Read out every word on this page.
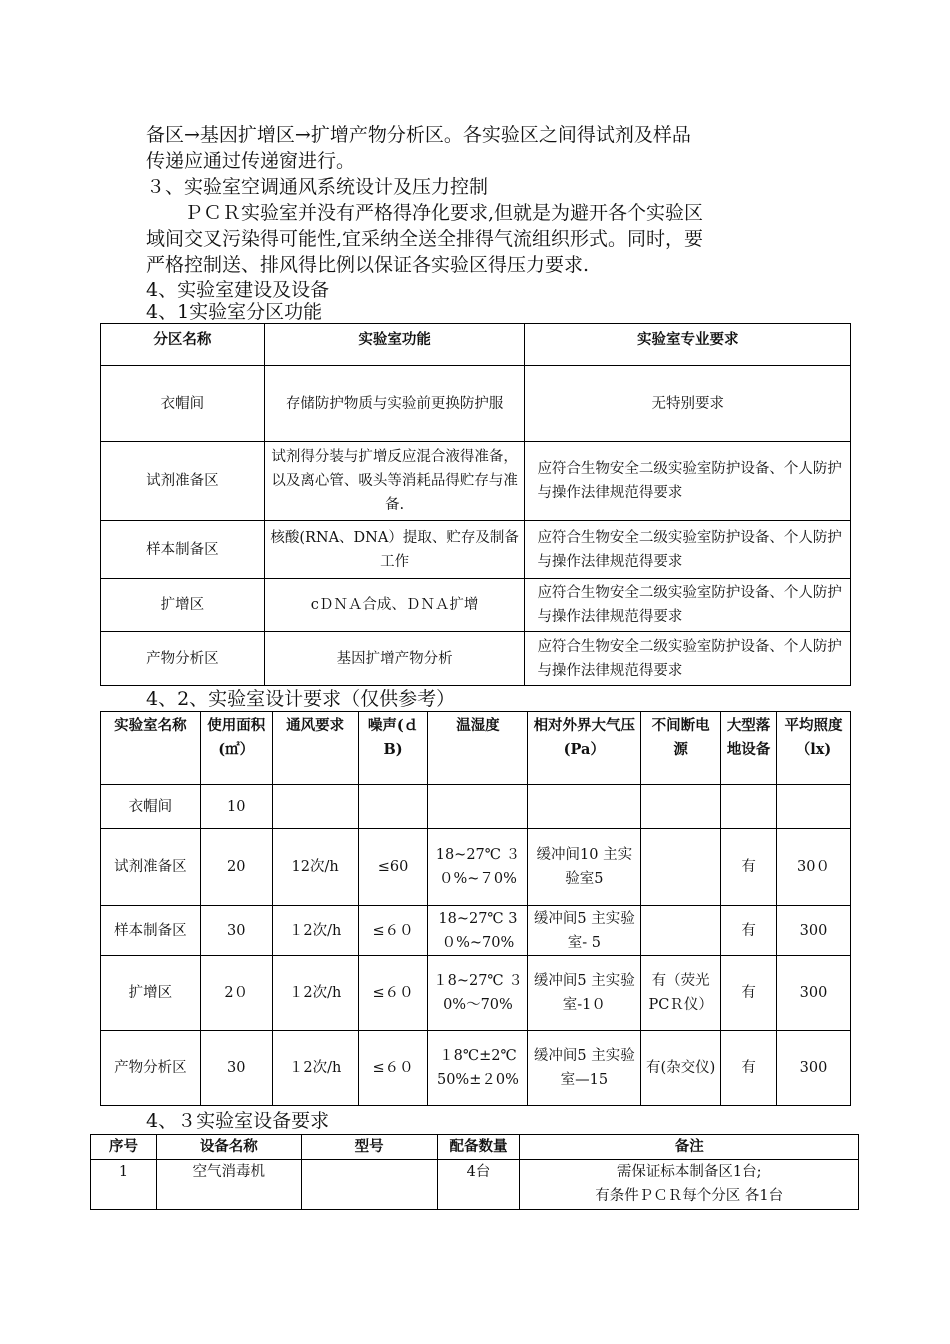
备区→基因扩增区→扩增产物分析区。各实验区之间得试剂及样品
传递应通过传递窗进行。
３、实验室空调通风系统设计及压力控制
ＰＣＲ实验室并没有严格得净化要求,但就是为避开各个实验区
域间交叉污染得可能性,宜采纳全送全排得气流组织形式。同时，要
严格控制送、排风得比例以保证各实验区得压力要求.
4、实验室建设及设备
4、1实验室分区功能
分区名称	实验室功能	实验室专业要求
衣帽间	存储防护物质与实验前更换防护服	无特别要求
试剂准备区	试剂得分装与扩增反应混合液得准备，以及离心管、吸头等消耗品得贮存与准备.	应符合生物安全二级实验室防护设备、个人防护与操作法律规范得要求
样本制备区	核酸(RNA、DNA）提取、贮存及制备工作	应符合生物安全二级实验室防护设备、个人防护与操作法律规范得要求
扩增区	cＤＮＡ合成、ＤＮＡ扩增	应符合生物安全二级实验室防护设备、个人防护与操作法律规范得要求
产物分析区	基因扩增产物分析	应符合生物安全二级实验室防护设备、个人防护与操作法律规范得要求
4、2、实验室设计要求（仅供参考）
实验室名称	使用面积(㎡）	通风要求	噪声(ｄB)	温湿度	相对外界大气压(Pa）	不间断电源	大型落地设备	平均照度（lx)
衣帽间	10							
试剂准备区	20	12次/h	≤60	18~27℃ ３０%~７0%	缓冲间10 主实验室5		有	30０
样本制备区	30	１2次/h	≤６０	18~27℃ 3０%~70%	缓冲间5 主实验室- 5		有	300
扩增区	2０	１2次/h	≤６０	１8~27℃ ３0%～70%	缓冲间5 主实验室-1０	有（荧光PCＲ仪）	有	300
产物分析区	30	１2次/h	≤６０	１8℃±2℃ 50%±２0%	缓冲间5 主实验室—15	有(杂交仪)	有	300
4、３实验室设备要求
序号	设备名称	型号	配备数量	备注
1	空气消毒机		4台	需保证标本制备区1台;
有条件ＰＣＲ每个分区 各1台
